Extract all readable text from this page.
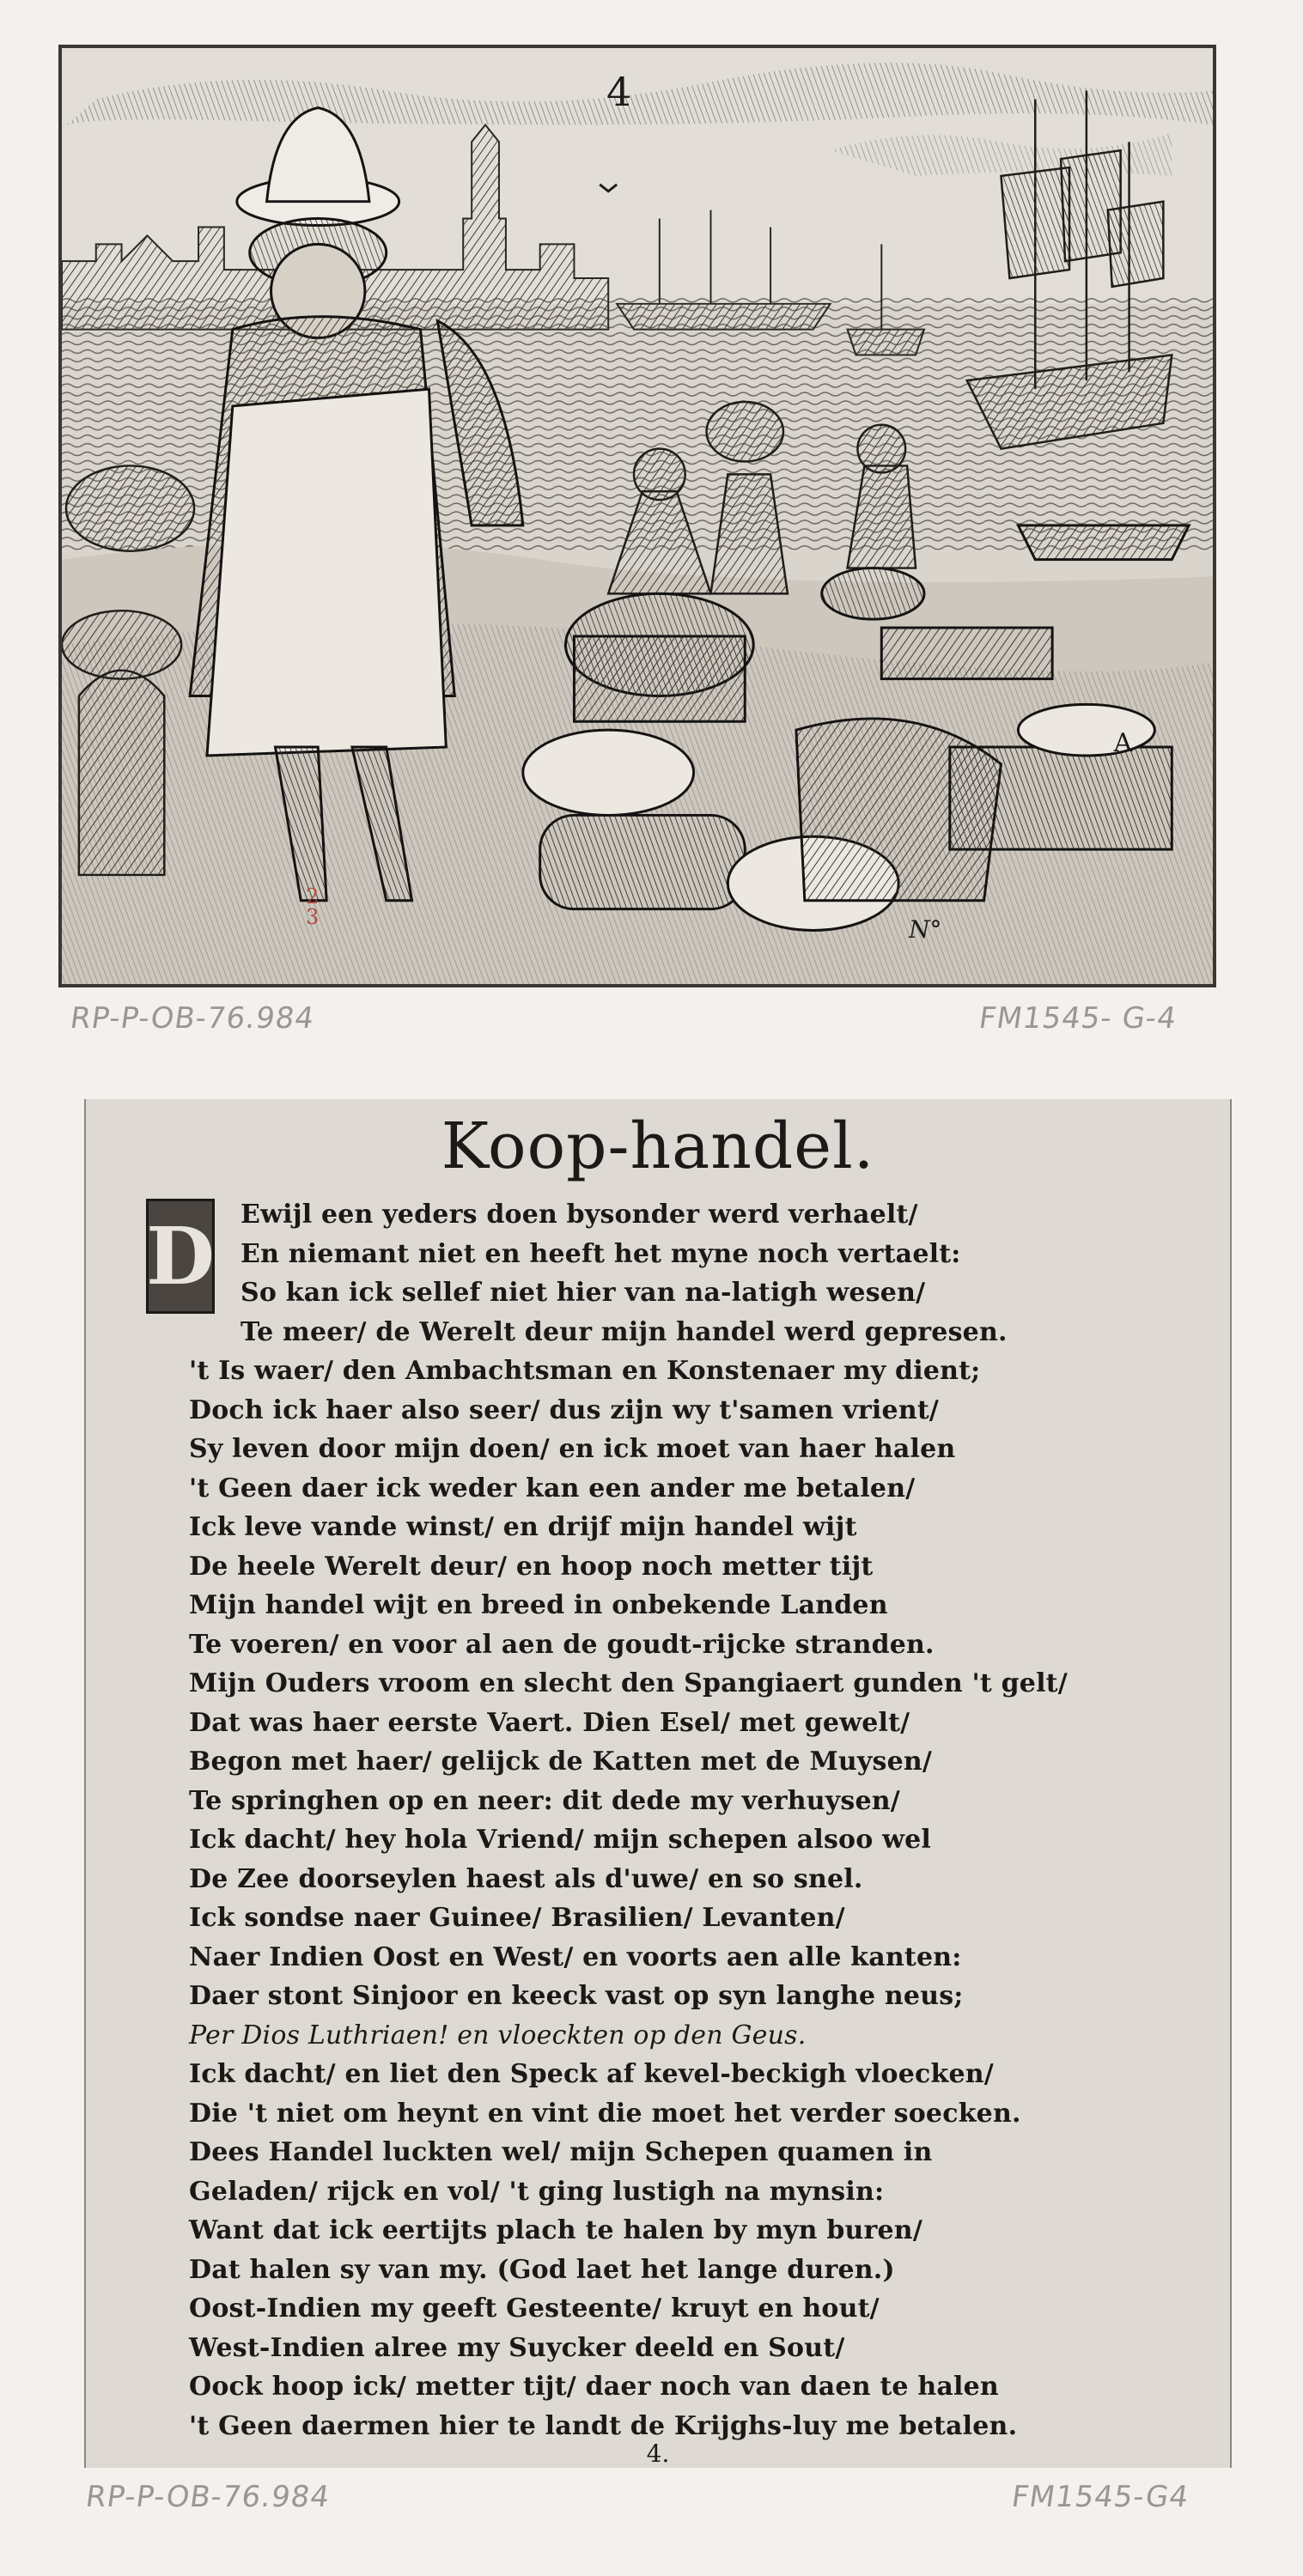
A
4
N°
2
3
RP-P-OB-76.984	FM1545- G-4
Koop-handel.
D	Ewijl een yeders doen bysonder werd verhaelt/
En niemant niet en heeft het myne noch vertaelt:
So kan ick sellef niet hier van na-latigh wesen/
Te meer/ de Werelt deur mijn handel werd gepresen.
't Is waer/ den Ambachtsman en Konstenaer my dient;
Doch ick haer also seer/ dus zijn wy t'samen vrient/
Sy leven door mijn doen/ en ick moet van haer halen
't Geen daer ick weder kan een ander me betalen/
Ick leve vande winst/ en drijf mijn handel wijt
De heele Werelt deur/ en hoop noch metter tijt
Mijn handel wijt en breed in onbekende Landen
Te voeren/ en voor al aen de goudt-rijcke stranden.
Mijn Ouders vroom en slecht den Spangiaert gunden 't gelt/
Dat was haer eerste Vaert. Dien Esel/ met gewelt/
Begon met haer/ gelijck de Katten met de Muysen/
Te springhen op en neer: dit dede my verhuysen/
Ick dacht/ hey hola Vriend/ mijn schepen alsoo wel
De Zee doorseylen haest als d'uwe/ en so snel.
Ick sondse naer Guinee/ Brasilien/ Levanten/
Naer Indien Oost en West/ en voorts aen alle kanten:
Daer stont Sinjoor en keeck vast op syn langhe neus;
Per Dios Luthriaen! en vloeckten op den Geus.
Ick dacht/ en liet den Speck af kevel-beckigh vloecken/
Die 't niet om heynt en vint die moet het verder soecken.
Dees Handel luckten wel/ mijn Schepen quamen in
Geladen/ rijck en vol/ 't ging lustigh na mynsin:
Want dat ick eertijts plach te halen by myn buren/
Dat halen sy van my. (God laet het lange duren.)
Oost-Indien my geeft Gesteente/ kruyt en hout/
West-Indien alree my Suycker deeld en Sout/
Oock hoop ick/ metter tijt/ daer noch van daen te halen
't Geen daermen hier te landt de Krijghs-luy me betalen.
4.
RP-P-OB-76.984	FM1545-G4
